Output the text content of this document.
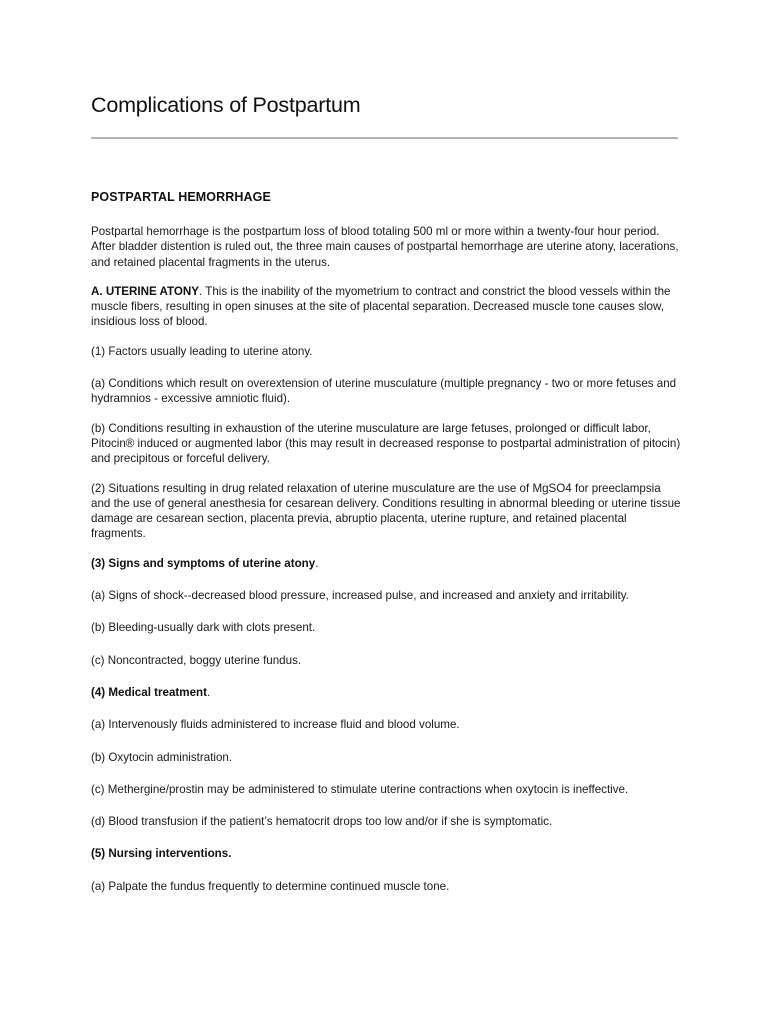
Complications of Postpartum
POSTPARTAL HEMORRHAGE

Postpartal hemorrhage is the postpartum loss of blood totaling 500 ml or more within a twenty-four hour period. After bladder distention is ruled out, the three main causes of postpartal hemorrhage are uterine atony, lacerations, and retained placental fragments in the uterus.

A. UTERINE ATONY. This is the inability of the myometrium to contract and constrict the blood vessels within the muscle fibers, resulting in open sinuses at the site of placental separation. Decreased muscle tone causes slow, insidious loss of blood.

(1) Factors usually leading to uterine atony.

(a) Conditions which result on overextension of uterine musculature (multiple pregnancy - two or more fetuses and hydramnios - excessive amniotic fluid).

(b) Conditions resulting in exhaustion of the uterine musculature are large fetuses, prolonged or difficult labor, Pitocin® induced or augmented labor (this may result in decreased response to postpartal administration of pitocin) and precipitous or forceful delivery.

(2) Situations resulting in drug related relaxation of uterine musculature are the use of MgSO4 for preeclampsia and the use of general anesthesia for cesarean delivery. Conditions resulting in abnormal bleeding or uterine tissue damage are cesarean section, placenta previa, abruptio placenta, uterine rupture, and retained placental fragments.

(3) Signs and symptoms of uterine atony.

(a) Signs of shock--decreased blood pressure, increased pulse, and increased and anxiety and irritability.

(b) Bleeding-usually dark with clots present.

(c) Noncontracted, boggy uterine fundus.

(4) Medical treatment.

(a) Intervenously fluids administered to increase fluid and blood volume.

(b) Oxytocin administration.

(c) Methergine/prostin may be administered to stimulate uterine contractions when oxytocin is ineffective.

(d) Blood transfusion if the patient’s hematocrit drops too low and/or if she is symptomatic.

(5) Nursing interventions.

(a) Palpate the fundus frequently to determine continued muscle tone.
